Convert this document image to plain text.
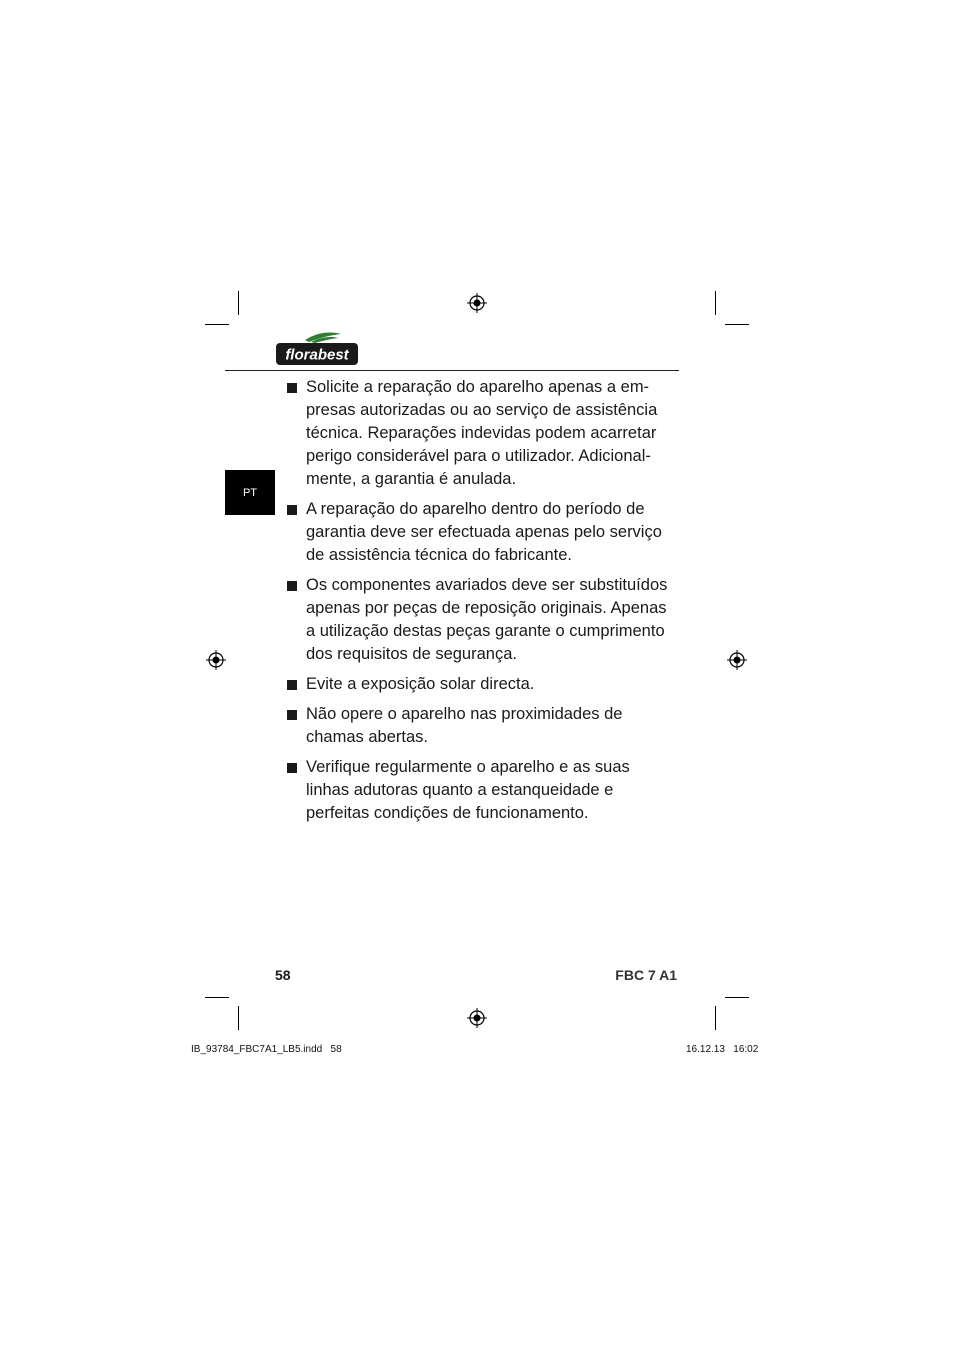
florabest
PT
Solicite a reparação do aparelho apenas a em-
presas autorizadas ou ao serviço de assistência técnica. Reparações indevidas podem acarretar perigo considerável para o utilizador. Adicional-
mente, a garantia é anulada.
A reparação do aparelho dentro do período de garantia deve ser efectuada apenas pelo serviço de assistência técnica do fabricante.
Os componentes avariados deve ser substituídos apenas por peças de reposição originais. Apenas a utilização destas peças garante o cumprimento dos requisitos de segurança.
Evite a exposição solar directa.
Não opere o aparelho nas proximidades de chamas abertas.
Verifique regularmente o aparelho e as suas linhas adutoras quanto a estanqueidade e perfeitas condições de funcionamento.
58	FBC 7 A1
IB_93784_FBC7A1_LB5.indd   58	16.12.13   16:02
